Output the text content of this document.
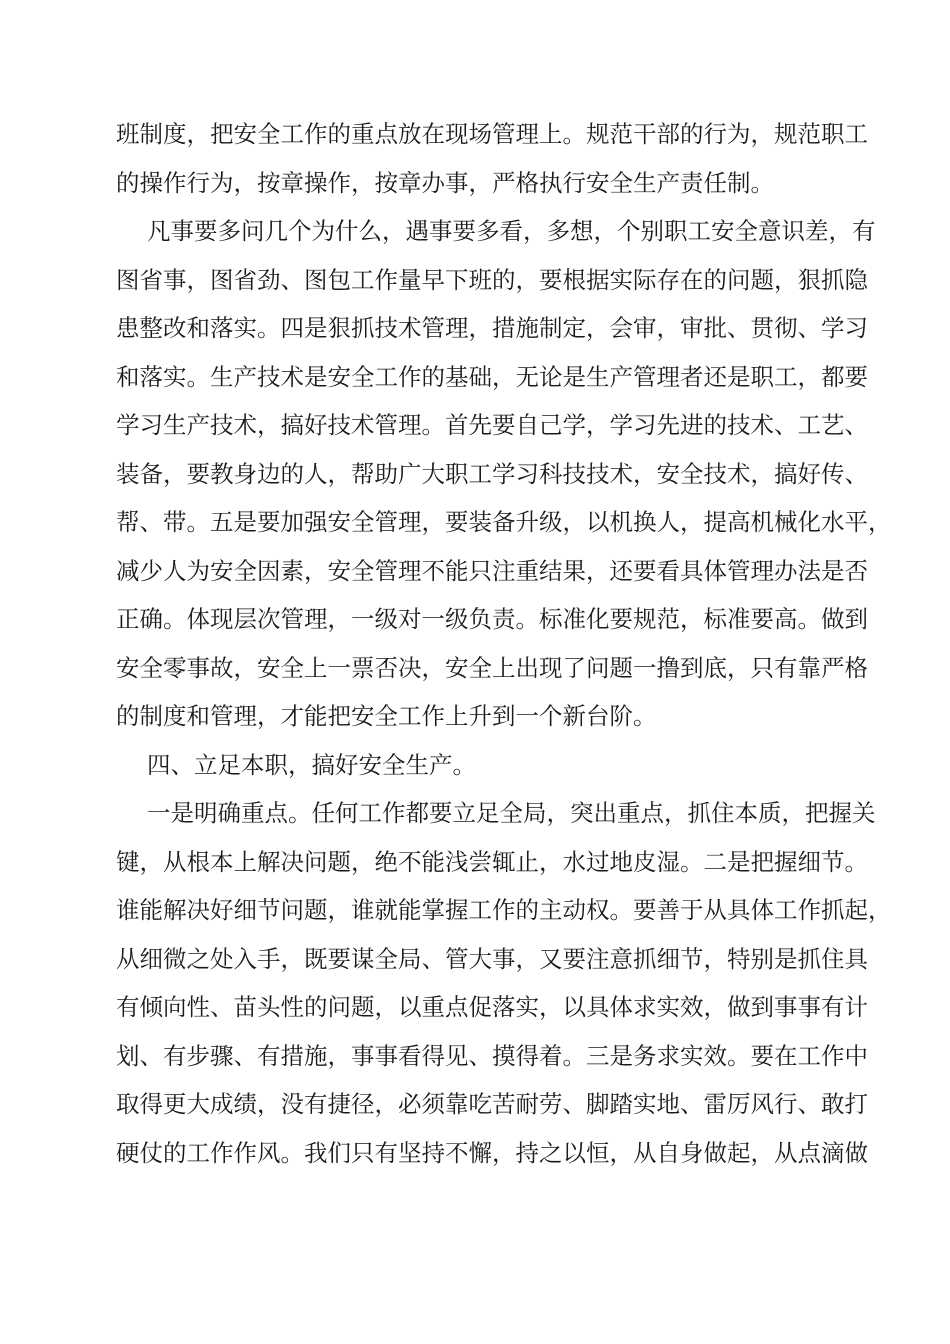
班制度，把安全工作的重点放在现场管理上。规范干部的行为，规范职工
的操作行为，按章操作，按章办事，严格执行安全生产责任制。
凡事要多问几个为什么，遇事要多看，多想，个别职工安全意识差，有
图省事，图省劲、图包工作量早下班的，要根据实际存在的问题，狠抓隐
患整改和落实。四是狠抓技术管理，措施制定，会审，审批、贯彻、学习
和落实。生产技术是安全工作的基础，无论是生产管理者还是职工，都要
学习生产技术，搞好技术管理。首先要自己学，学习先进的技术、工艺、
装备，要教身边的人，帮助广大职工学习科技技术，安全技术，搞好传、
帮、带。五是要加强安全管理，要装备升级，以机换人，提高机械化水平，
减少人为安全因素，安全管理不能只注重结果，还要看具体管理办法是否
正确。体现层次管理，一级对一级负责。标准化要规范，标准要高。做到
安全零事故，安全上一票否决，安全上出现了问题一撸到底，只有靠严格
的制度和管理，才能把安全工作上升到一个新台阶。
四、立足本职，搞好安全生产。
一是明确重点。任何工作都要立足全局，突出重点，抓住本质，把握关
键，从根本上解决问题，绝不能浅尝辄止，水过地皮湿。二是把握细节。
谁能解决好细节问题，谁就能掌握工作的主动权。要善于从具体工作抓起，
从细微之处入手，既要谋全局、管大事，又要注意抓细节，特别是抓住具
有倾向性、苗头性的问题，以重点促落实，以具体求实效，做到事事有计
划、有步骤、有措施，事事看得见、摸得着。三是务求实效。要在工作中
取得更大成绩，没有捷径，必须靠吃苦耐劳、脚踏实地、雷厉风行、敢打
硬仗的工作作风。我们只有坚持不懈，持之以恒，从自身做起，从点滴做
